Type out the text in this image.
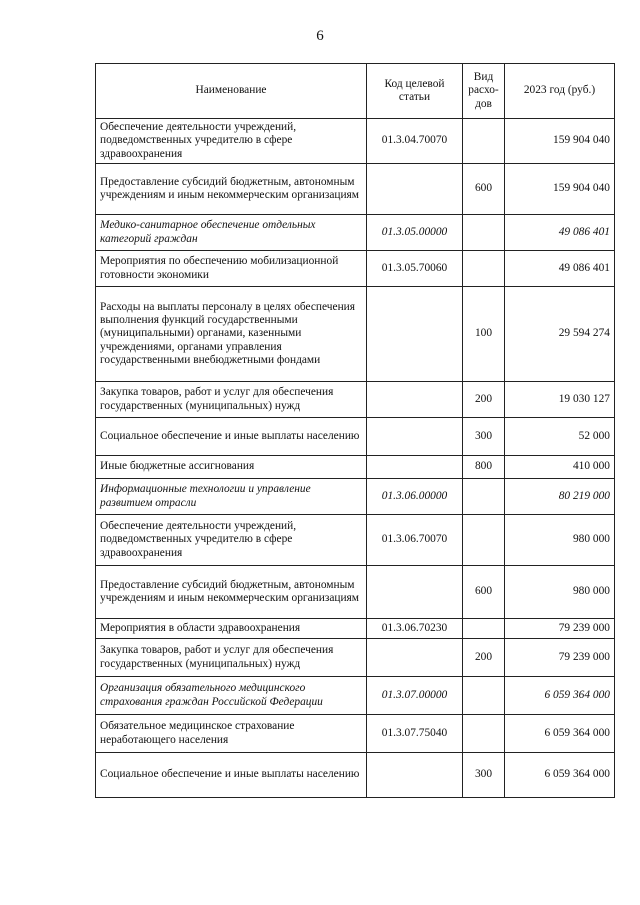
6
Наименование	Код целевой статьи	Вид расхо-дов	2023 год (руб.)
Обеспечение деятельности учреждений, подведомственных учредителю в сфере здравоохранения	01.3.04.70070		159 904 040
Предоставление субсидий бюджетным, автономным учреждениям и иным некоммерческим организациям		600	159 904 040
Медико-санитарное обеспечение отдельных категорий граждан	01.3.05.00000		49 086 401
Мероприятия по обеспечению мобилизационной готовности экономики	01.3.05.70060		49 086 401
Расходы на выплаты персоналу в целях обеспечения выполнения функций государственными (муниципальными) органами, казенными учреждениями, органами управления государственными внебюджетными фондами		100	29 594 274
Закупка товаров, работ и услуг для обеспечения государственных (муниципальных) нужд		200	19 030 127
Социальное обеспечение и иные выплаты населению		300	52 000
Иные бюджетные ассигнования		800	410 000
Информационные технологии и управление развитием отрасли	01.3.06.00000		80 219 000
Обеспечение деятельности учреждений, подведомственных учредителю в сфере здравоохранения	01.3.06.70070		980 000
Предоставление субсидий бюджетным, автономным учреждениям и иным некоммерческим организациям		600	980 000
Мероприятия в области здравоохранения	01.3.06.70230		79 239 000
Закупка товаров, работ и услуг для обеспечения государственных (муниципальных) нужд		200	79 239 000
Организация обязательного медицинского страхования граждан Российской Федерации	01.3.07.00000		6 059 364 000
Обязательное медицинское страхование неработающего населения	01.3.07.75040		6 059 364 000
Социальное обеспечение и иные выплаты населению		300	6 059 364 000
